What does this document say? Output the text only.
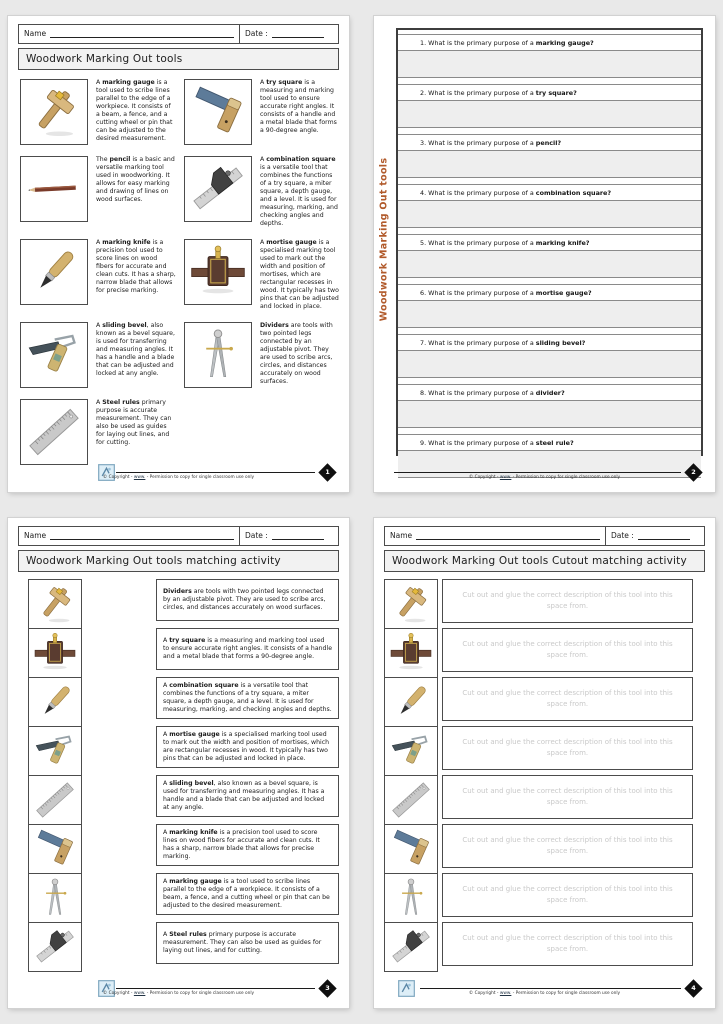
Name	Date :
Woodwork Marking Out tools

A marking gauge is a tool used to scribe lines parallel to the edge of a workpiece. It consists of a beam, a fence, and a cutting wheel or pin that can be adjusted to the desired measurement.

A try square is a measuring and marking tool used to ensure accurate right angles. It consists of a handle and a metal blade that forms a 90-degree angle.

The pencil is a basic and versatile marking tool used in woodworking. It allows for easy marking and drawing of lines on wood surfaces.

A combination square is a versatile tool that combines the functions of a try square, a miter square, a depth gauge, and a level. It is used for measuring, marking, and checking angles and depths.

A marking knife is a precision tool used to score lines on wood fibers for accurate and clean cuts. It has a sharp, narrow blade that allows for precise marking.

A mortise gauge is a specialised marking tool used to mark out the width and position of mortises, which are rectangular recesses in wood. It typically has two pins that can be adjusted and locked in place.

A sliding bevel, also known as a bevel square, is used for transferring and measuring angles. It has a handle and a blade that can be adjusted and locked at any angle.

Dividers are tools with two pointed legs connected by an adjustable pivot. They are used to scribe arcs, circles, and distances accurately on wood surfaces.

A Steel rules primary purpose is accurate measurement. They can also be used as guides for laying out lines, and for cutting.

© Copyright - www. - Permission to copy for single classroom use only
1
Woodwork Marking Out tools
1. What is the primary purpose of a marking gauge?
2. What is the primary purpose of a try square?
3. What is the primary purpose of a pencil?
4. What is the primary purpose of a combination square?
5. What is the primary purpose of a marking knife?
6. What is the primary purpose of a mortise gauge?
7. What is the primary purpose of a sliding bevel?
8. What is the primary purpose of a divider?
9. What is the primary purpose of a steel rule?
© Copyright - www. - Permission to copy for single classroom use only
2
Name	Date :
Woodwork Marking Out tools matching activity
Dividers are tools with two pointed legs connected by an adjustable pivot. They are used to scribe arcs, circles, and distances accurately on wood surfaces.
A try square is a measuring and marking tool used to ensure accurate right angles. It consists of a handle and a metal blade that forms a 90-degree angle.
A combination square is a versatile tool that combines the functions of a try square, a miter square, a depth gauge, and a level. It is used for measuring, marking, and checking angles and depths.
A mortise gauge is a specialised marking tool used to mark out the width and position of mortises, which are rectangular recesses in wood. It typically has two pins that can be adjusted and locked in place.
A sliding bevel, also known as a bevel square, is used for transferring and measuring angles. It has a handle and a blade that can be adjusted and locked at any angle.
A marking knife is a precision tool used to score lines on wood fibers for accurate and clean cuts. It has a sharp, narrow blade that allows for precise marking.
A marking gauge is a tool used to scribe lines parallel to the edge of a workpiece. It consists of a beam, a fence, and a cutting wheel or pin that can be adjusted to the desired measurement.
A Steel rules primary purpose is accurate measurement. They can also be used as guides for laying out lines, and for cutting.
© Copyright - www. - Permission to copy for single classroom use only
3
Name	Date :
Woodwork Marking Out tools Cutout matching activity
Cut out and glue the correct description of this tool into this space from.
Cut out and glue the correct description of this tool into this space from.
Cut out and glue the correct description of this tool into this space from.
Cut out and glue the correct description of this tool into this space from.
Cut out and glue the correct description of this tool into this space from.
Cut out and glue the correct description of this tool into this space from.
Cut out and glue the correct description of this tool into this space from.
Cut out and glue the correct description of this tool into this space from.
© Copyright - www. - Permission to copy for single classroom use only
4
